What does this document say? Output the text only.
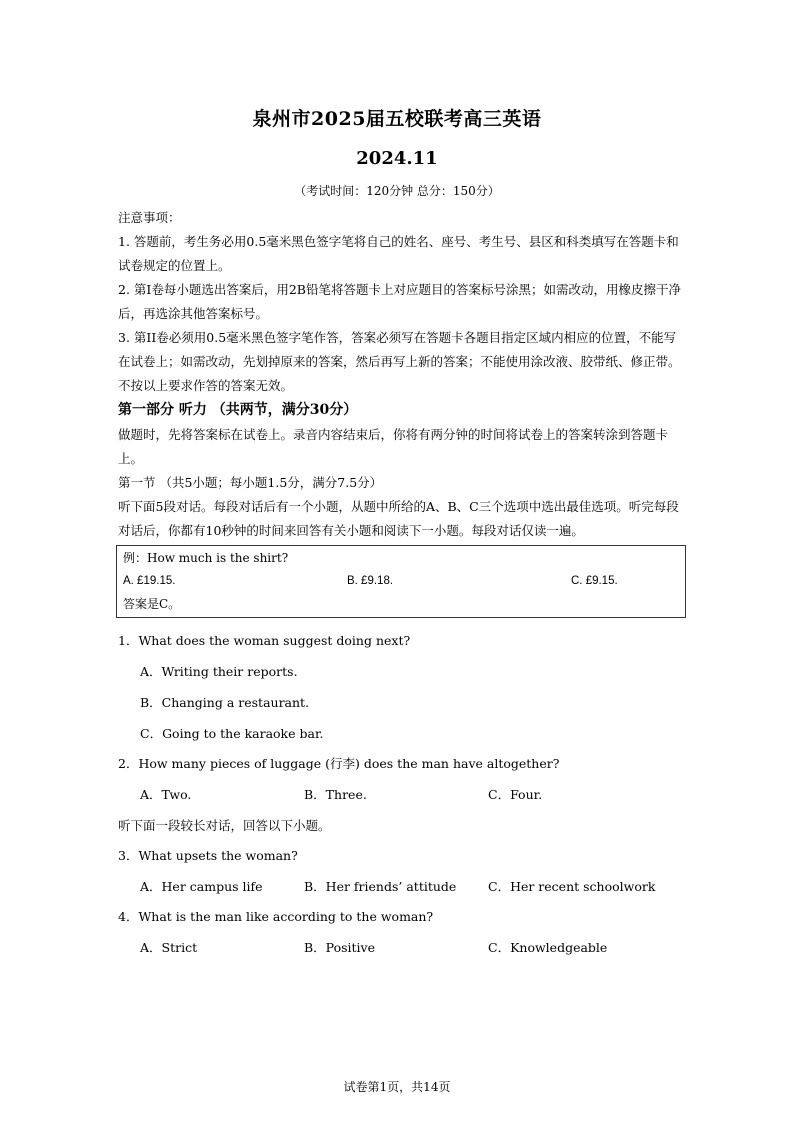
泉州市2025届五校联考高三英语
2024.11

（考试时间：120分钟 总分：150分）

注意事项：

1. 答题前，考生务必用0.5毫米黑色签字笔将自己的姓名、座号、考生号、县区和科类填写在答题卡和试卷规定的位置上。

2. 第I卷每小题选出答案后，用2B铅笔将答题卡上对应题目的答案标号涂黑；如需改动，用橡皮擦干净后，再选涂其他答案标号。

3. 第II卷必须用0.5毫米黑色签字笔作答，答案必须写在答题卡各题目指定区域内相应的位置，不能写在试卷上；如需改动，先划掉原来的答案，然后再写上新的答案；不能使用涂改液、胶带纸、修正带。不按以上要求作答的答案无效。

第一部分 听力 （共两节，满分30分）

做题时，先将答案标在试卷上。录音内容结束后，你将有两分钟的时间将试卷上的答案转涂到答题卡上。

第一节 （共5小题；每小题1.5分，满分7.5分）

听下面5段对话。每段对话后有一个小题，从题中所给的A、B、C三个选项中选出最佳选项。听完每段对话后，你都有10秒钟的时间来回答有关小题和阅读下一小题。每段对话仅读一遍。

例：How much is the shirt?
A. £19.15.	B. £9.18.	C. £9.15.
答案是C。

1．What does the woman suggest doing next?

A．Writing their reports.

B．Changing a restaurant.

C．Going to the karaoke bar.

2．How many pieces of luggage (行李) does the man have altogether?

A．Two.	B．Three.	C．Four.

听下面一段较长对话，回答以下小题。

3．What upsets the woman?

A．Her campus life	B．Her friends’ attitude	C．Her recent schoolwork

4．What is the man like according to the woman?

A．Strict	B．Positive	C．Knowledgeable
试卷第1页，共14页
